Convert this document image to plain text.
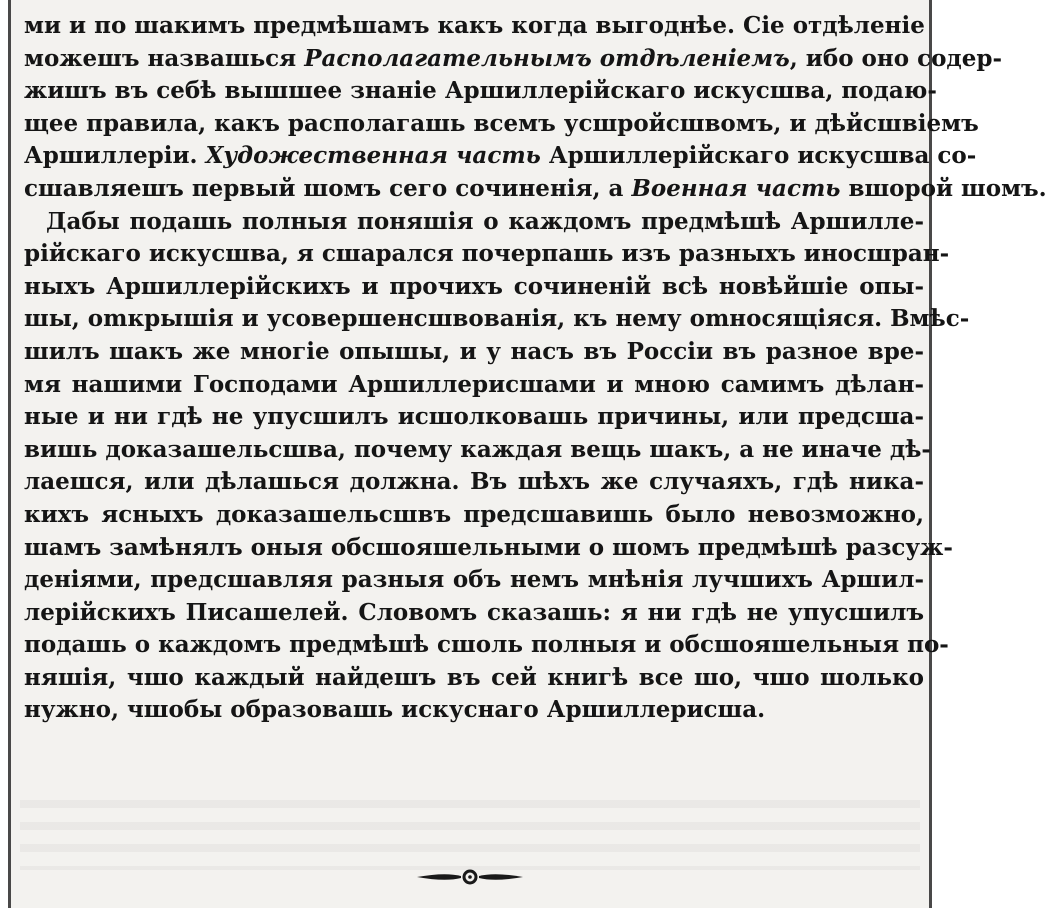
ми и по шакимъ предмѣшамъ какъ когда выгоднѣе. Сіе отдѣленіе
можешъ назвашься Располагательнымъ отдѣленіемъ, ибо оно содер-
жишъ въ себѣ вышшее знаніе Аршиллерійскаго искусшва, подаю-
щее правила, какъ располагашь всемъ усшройсшвомъ, и дѣйсшвіемъ
Аршиллеріи. Художественная часть Аршиллерійскаго искусшва со-
сшавляешъ первый шомъ сего сочиненія, а Военная часть вшорой шомъ.
Дабы подашь полныя поняшія о каждомъ предмѣшѣ Аршилле-
рійскаго искусшва, я сшарался почерпашь изъ разныхъ иносшран-
ныхъ Аршиллерійскихъ и прочихъ сочиненій всѣ новѣйшіе опы-
шы, оmкрышія и усовершенсшвованія, къ нему оmносящіяся. Вмѣс-
шилъ шакъ же многіе опышы, и у насъ въ Россіи въ разное вре-
мя нашими Господами Аршиллерисшами и мною самимъ дѣлан-
ные и ни гдѣ не упусшилъ исшолковашь причины, или предсша-
вишь доказашельсшва, почему каждая вещь шакъ, а не иначе дѣ-
лаешся, или дѣлашься должна. Въ шѣхъ же случаяхъ, гдѣ ника-
кихъ ясныхъ доказашельсшвъ предсшавишь было невозможно,
шамъ замѣнялъ оныя обсшояшельными о шомъ предмѣшѣ разсуж-
деніями, предсшавляя разныя объ немъ мнѣнія лучшихъ Аршил-
лерійскихъ Писашелей. Словомъ сказашь: я ни гдѣ не упусшилъ
подашь о каждомъ предмѣшѣ сшоль полныя и обсшояшельныя по-
няшія, чшо каждый найдешъ въ сей книгѣ все шо, чшо шолько
нужно, чшобы образовашь искуснаго Аршиллерисша.
